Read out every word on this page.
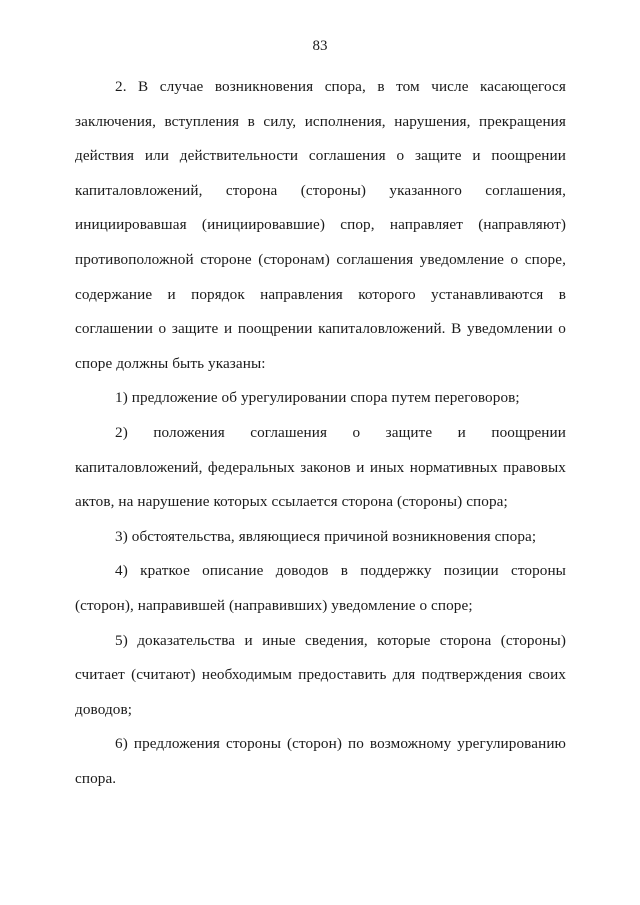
83

2. В случае возникновения спора, в том числе касающегося заключения, вступления в силу, исполнения, нарушения, прекращения действия или действительности соглашения о защите и поощрении капиталовложений, сторона (стороны) указанного соглашения, инициировавшая (инициировавшие) спор, направляет (направляют) противоположной стороне (сторонам) соглашения уведомление о споре, содержание и порядок направления которого устанавливаются в соглашении о защите и поощрении капиталовложений. В уведомлении о споре должны быть указаны:

1) предложение об урегулировании спора путем переговоров;

2) положения соглашения о защите и поощрении капиталовложений, федеральных законов и иных нормативных правовых актов, на нарушение которых ссылается сторона (стороны) спора;

3) обстоятельства, являющиеся причиной возникновения спора;

4) краткое описание доводов в поддержку позиции стороны (сторон), направившей (направивших) уведомление о споре;

5) доказательства и иные сведения, которые сторона (стороны) считает (считают) необходимым предоставить для подтверждения своих доводов;

6) предложения стороны (сторон) по возможному урегулированию спора.
